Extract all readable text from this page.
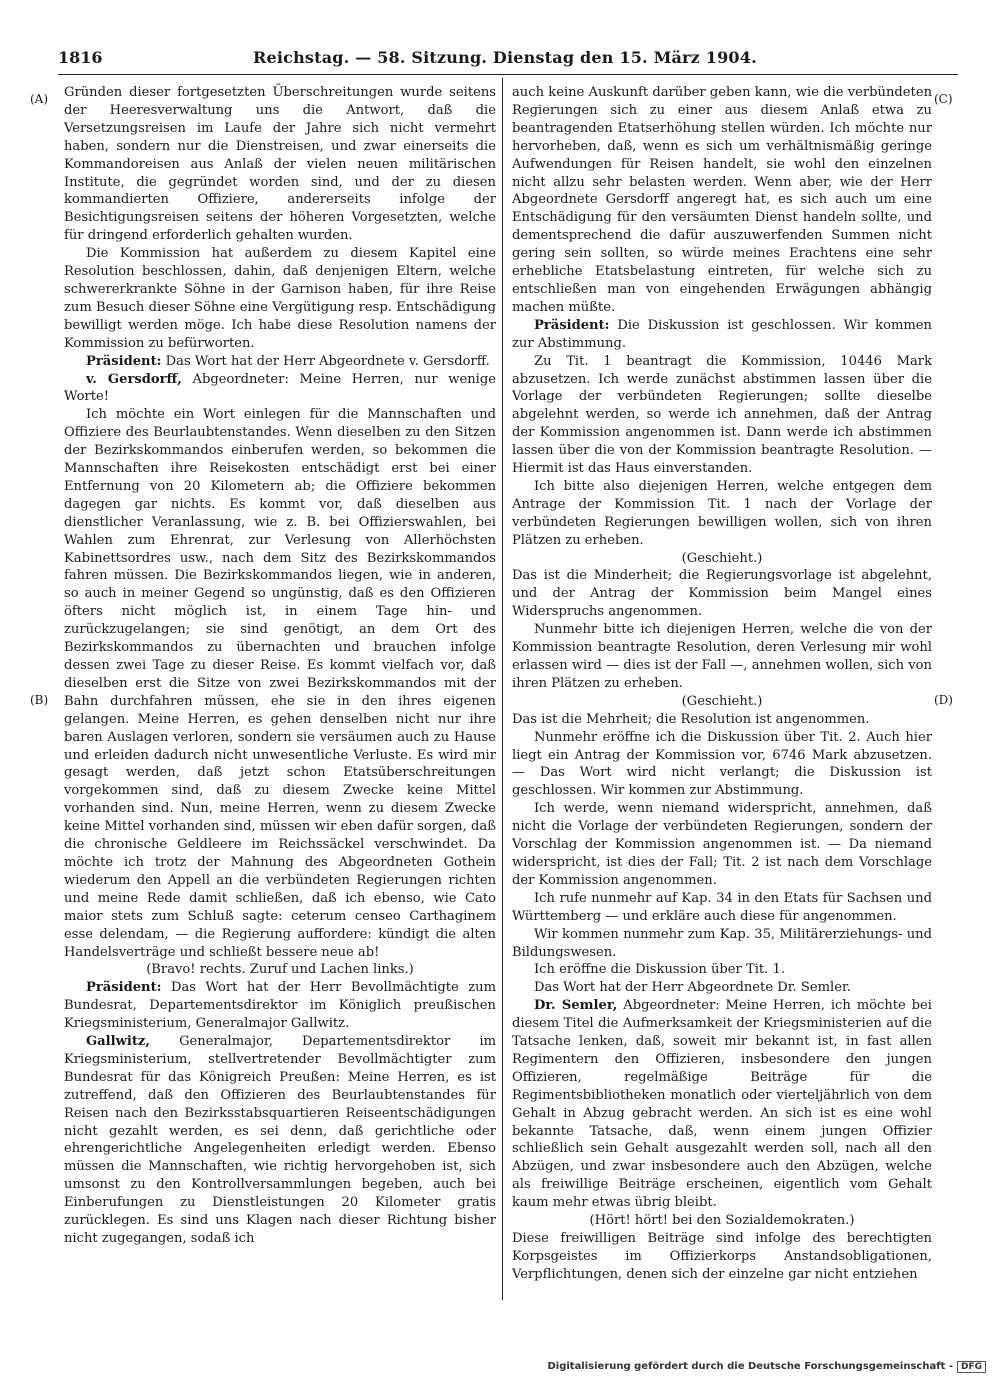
1816	Reichstag. — 58. Sitzung. Dienstag den 15. März 1904.
(A)
(B)
(C)
(D)

Gründen dieser fortgesetzten Überschreitungen wurde seitens der Heeresverwaltung uns die Antwort, daß die Versetzungsreisen im Laufe der Jahre sich nicht vermehrt haben, sondern nur die Dienstreisen, und zwar einerseits die Kommandoreisen aus Anlaß der vielen neuen militärischen Institute, die gegründet worden sind, und der zu diesen kommandierten Offiziere, andererseits infolge der Besichtigungsreisen seitens der höheren Vorgesetzten, welche für dringend erforderlich gehalten wurden.

Die Kommission hat außerdem zu diesem Kapitel eine Resolution beschlossen, dahin, daß denjenigen Eltern, welche schwererkrankte Söhne in der Garnison haben, für ihre Reise zum Besuch dieser Söhne eine Vergütigung resp. Entschädigung bewilligt werden möge. Ich habe diese Resolution namens der Kommission zu befürworten.

Präsident: Das Wort hat der Herr Abgeordnete v. Gersdorff.

v. Gersdorff, Abgeordneter: Meine Herren, nur wenige Worte!

Ich möchte ein Wort einlegen für die Mannschaften und Offiziere des Beurlaubtenstandes. Wenn dieselben zu den Sitzen der Bezirkskommandos einberufen werden, so bekommen die Mannschaften ihre Reisekosten entschädigt erst bei einer Entfernung von 20 Kilometern ab; die Offiziere bekommen dagegen gar nichts. Es kommt vor, daß dieselben aus dienstlicher Veranlassung, wie z. B. bei Offizierswahlen, bei Wahlen zum Ehrenrat, zur Verlesung von Allerhöchsten Kabinettsordres usw., nach dem Sitz des Bezirkskommandos fahren müssen. Die Bezirkskommandos liegen, wie in anderen, so auch in meiner Gegend so ungünstig, daß es den Offizieren öfters nicht möglich ist, in einem Tage hin- und zurückzugelangen; sie sind genötigt, an dem Ort des Bezirkskommandos zu übernachten und brauchen infolge dessen zwei Tage zu dieser Reise. Es kommt vielfach vor, daß dieselben erst die Sitze von zwei Bezirkskommandos mit der Bahn durchfahren müssen, ehe sie in den ihres eigenen gelangen. Meine Herren, es gehen denselben nicht nur ihre baren Auslagen verloren, sondern sie versäumen auch zu Hause und erleiden dadurch nicht unwesentliche Verluste. Es wird mir gesagt werden, daß jetzt schon Etatsüberschreitungen vorgekommen sind, daß zu diesem Zwecke keine Mittel vorhanden sind. Nun, meine Herren, wenn zu diesem Zwecke keine Mittel vorhanden sind, müssen wir eben dafür sorgen, daß die chronische Geldleere im Reichssäckel verschwindet. Da möchte ich trotz der Mahnung des Abgeordneten Gothein wiederum den Appell an die verbündeten Regierungen richten und meine Rede damit schließen, daß ich ebenso, wie Cato maior stets zum Schluß sagte: ceterum censeo Carthaginem esse delendam, — die Regierung auffordere: kündigt die alten Handelsverträge und schließt bessere neue ab!

(Bravo! rechts. Zuruf und Lachen links.)

Präsident: Das Wort hat der Herr Bevollmächtigte zum Bundesrat, Departementsdirektor im Königlich preußischen Kriegsministerium, Generalmajor Gallwitz.

Gallwitz, Generalmajor, Departementsdirektor im Kriegsministerium, stellvertretender Bevollmächtigter zum Bundesrat für das Königreich Preußen: Meine Herren, es ist zutreffend, daß den Offizieren des Beurlaubtenstandes für Reisen nach den Bezirksstabsquartieren Reiseentschädigungen nicht gezahlt werden, es sei denn, daß gerichtliche oder ehrengerichtliche Angelegenheiten erledigt werden. Ebenso müssen die Mannschaften, wie richtig hervorgehoben ist, sich umsonst zu den Kontrollversammlungen begeben, auch bei Einberufungen zu Dienstleistungen 20 Kilometer gratis zurücklegen. Es sind uns Klagen nach dieser Richtung bisher nicht zugegangen, sodaß ich

auch keine Auskunft darüber geben kann, wie die verbündeten Regierungen sich zu einer aus diesem Anlaß etwa zu beantragenden Etatserhöhung stellen würden. Ich möchte nur hervorheben, daß, wenn es sich um verhältnismäßig geringe Aufwendungen für Reisen handelt, sie wohl den einzelnen nicht allzu sehr belasten werden. Wenn aber, wie der Herr Abgeordnete Gersdorff angeregt hat, es sich auch um eine Entschädigung für den versäumten Dienst handeln sollte, und dementsprechend die dafür auszuwerfenden Summen nicht gering sein sollten, so würde meines Erachtens eine sehr erhebliche Etatsbelastung eintreten, für welche sich zu entschließen man von eingehenden Erwägungen abhängig machen müßte.

Präsident: Die Diskussion ist geschlossen. Wir kommen zur Abstimmung.

Zu Tit. 1 beantragt die Kommission, 10446 Mark abzusetzen. Ich werde zunächst abstimmen lassen über die Vorlage der verbündeten Regierungen; sollte dieselbe abgelehnt werden, so werde ich annehmen, daß der Antrag der Kommission angenommen ist. Dann werde ich abstimmen lassen über die von der Kommission beantragte Resolution. — Hiermit ist das Haus einverstanden.

Ich bitte also diejenigen Herren, welche entgegen dem Antrage der Kommission Tit. 1 nach der Vorlage der verbündeten Regierungen bewilligen wollen, sich von ihren Plätzen zu erheben.

(Geschieht.)

Das ist die Minderheit; die Regierungsvorlage ist abgelehnt, und der Antrag der Kommission beim Mangel eines Widerspruchs angenommen.

Nunmehr bitte ich diejenigen Herren, welche die von der Kommission beantragte Resolution, deren Verlesung mir wohl erlassen wird — dies ist der Fall —, annehmen wollen, sich von ihren Plätzen zu erheben.

(Geschieht.)

Das ist die Mehrheit; die Resolution ist angenommen.

Nunmehr eröffne ich die Diskussion über Tit. 2. Auch hier liegt ein Antrag der Kommission vor, 6746 Mark abzusetzen. — Das Wort wird nicht verlangt; die Diskussion ist geschlossen. Wir kommen zur Abstimmung.

Ich werde, wenn niemand widerspricht, annehmen, daß nicht die Vorlage der verbündeten Regierungen, sondern der Vorschlag der Kommission angenommen ist. — Da niemand widerspricht, ist dies der Fall; Tit. 2 ist nach dem Vorschlage der Kommission angenommen.

Ich rufe nunmehr auf Kap. 34 in den Etats für Sachsen und Württemberg — und erkläre auch diese für angenommen.

Wir kommen nunmehr zum Kap. 35, Militärerziehungs- und Bildungswesen.

Ich eröffne die Diskussion über Tit. 1.

Das Wort hat der Herr Abgeordnete Dr. Semler.

Dr. Semler, Abgeordneter: Meine Herren, ich möchte bei diesem Titel die Aufmerksamkeit der Kriegsministerien auf die Tatsache lenken, daß, soweit mir bekannt ist, in fast allen Regimentern den Offizieren, insbesondere den jungen Offizieren, regelmäßige Beiträge für die Regimentsbibliotheken monatlich oder vierteljährlich von dem Gehalt in Abzug gebracht werden. An sich ist es eine wohl bekannte Tatsache, daß, wenn einem jungen Offizier schließlich sein Gehalt ausgezahlt werden soll, nach all den Abzügen, und zwar insbesondere auch den Abzügen, welche als freiwillige Beiträge erscheinen, eigentlich vom Gehalt kaum mehr etwas übrig bleibt.

(Hört! hört! bei den Sozialdemokraten.)

Diese freiwilligen Beiträge sind infolge des berechtigten Korpsgeistes im Offizierkorps Anstandsobligationen, Verpflichtungen, denen sich der einzelne gar nicht entziehen

Digitalisierung gefördert durch die Deutsche Forschungsgemeinschaft - DFG
